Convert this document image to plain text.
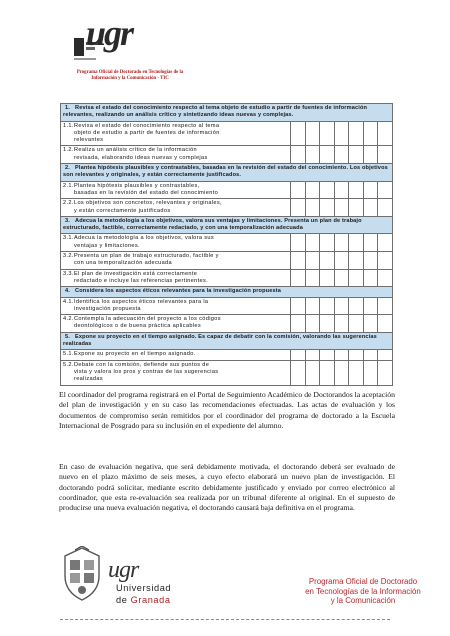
ugr
Programa Oficial de Doctorado en Tecnologías de la
Información y la Comunicación - TIC
1. Revisa el estado del conocimiento respecto al tema objeto de estudio a partir de fuentes de información relevantes, realizando un análisis crítico y sintetizando ideas nuevas y complejas.							

1.1. Revisa el estado del conocimiento respecto al tema objeto de estudio a partir de fuentes de información relevantes							

1.2. Realiza un análisis crítico de la información revisada, elaborando ideas nuevas y complejas							

2. Plantea hipótesis plausibles y contrastables, basadas en la revisión del estado del conocimiento. Los objetivos son relevantes y originales, y están correctamente justificados.							

2.1. Plantea hipótesis plausibles y contrastables, basadas en la revisión del estado del conocimiento							

2.2. Los objetivos son concretos, relevantes y originales, y están correctamente justificados							

3. Adecua la metodología a los objetivos, valora sus ventajas y limitaciones. Presenta un plan de trabajo estructurado, factible, correctamente redactado, y con una temporalización adecuada							

3.1. Adecua la metodología a los objetivos, valora sus ventajas y limitaciones.							

3.2. Presenta un plan de trabajo estructurado, factible y con una temporalización adecuada							

3.3. El plan de investigación está correctamente redactado e incluye las referencias pertinentes.							

4. Considera los aspectos éticos relevantes para la investigación propuesta							

4.1. Identifica los aspectos éticos relevantes para la investigación propuesta							

4.2. Contempla la adecuación del proyecto a los códigos deontológicos o de buena práctica aplicables							

5. Expone su proyecto en el tiempo asignado. Es capaz de debatir con la comisión, valorando las sugerencias realizadas							

5.1. Expone su proyecto en el tiempo asignado.							

5.2. Debate con la comisión, defiende sus puntos de vista y valora los pros y contras de las sugerencias realizadas							

El coordinador del programa registrará en el Portal de Seguimiento Académico de Doctorandos la aceptación del plan de investigación y en su caso las recomendaciones efectuadas. Las actas de evaluación y los documentos de compromiso serán remitidos por el coordinador del programa de doctorado a la Escuela Internacional de Posgrado para su inclusión en el expediente del alumno.

En caso de evaluación negativa, que será debidamente motivada, el doctorando deberá ser evaluado de nuevo en el plazo máximo de seis meses, a cuyo efecto elaborará un nuevo plan de investigación. El doctorando podrá solicitar, mediante escrito debidamente justificado y enviado por correo electrónico al coordinador, que esta re-evaluación sea realizada por un tribunal diferente al original. En el supuesto de producirse una nueva evaluación negativa, el doctorando causará baja definitiva en el programa.

ugr
Universidad
de Granada
Programa Oficial de Doctorado
en Tecnologías de la Información
y la Comunicación
